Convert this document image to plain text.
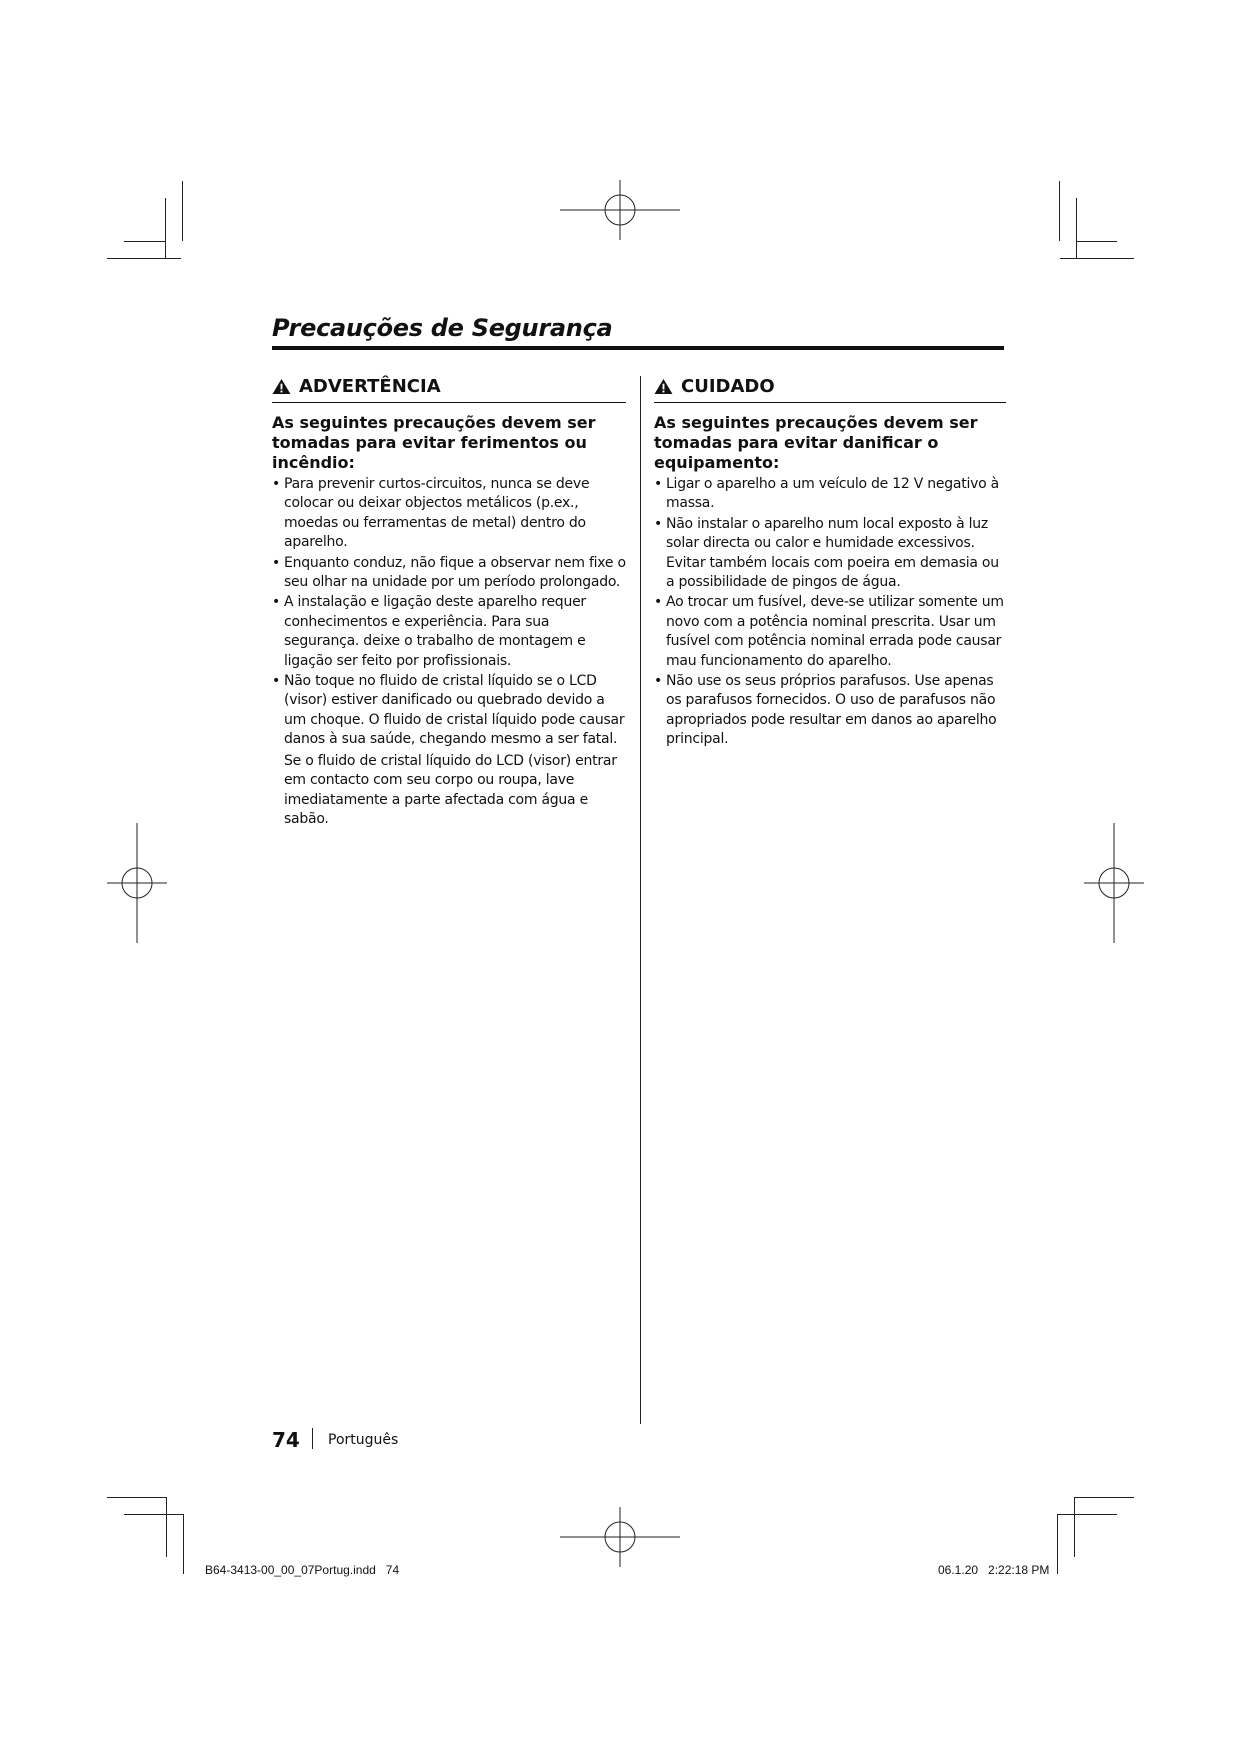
Precauções de Segurança
ADVERTÊNCIA
As seguintes precauções devem ser tomadas para evitar ferimentos ou incêndio:
• Para prevenir curtos-circuitos, nunca se deve colocar ou deixar objectos metálicos (p.ex., moedas ou ferramentas de metal) dentro do aparelho.
• Enquanto conduz, não fique a observar nem fixe o seu olhar na unidade por um período prolongado.
• A instalação e ligação deste aparelho requer conhecimentos e experiência. Para sua segurança. deixe o trabalho de montagem e ligação ser feito por profissionais.
• Não toque no fluido de cristal líquido se o LCD (visor) estiver danificado ou quebrado devido a um choque. O fluido de cristal líquido pode causar danos à sua saúde, chegando mesmo a ser fatal.
Se o fluido de cristal líquido do LCD (visor) entrar em contacto com seu corpo ou roupa, lave imediatamente a parte afectada com água e sabão.
CUIDADO
As seguintes precauções devem ser tomadas para evitar danificar o equipamento:
• Ligar o aparelho a um veículo de 12 V negativo à massa.
• Não instalar o aparelho num local exposto à luz solar directa ou calor e humidade excessivos. Evitar também locais com poeira em demasia ou a possibilidade de pingos de água.
• Ao trocar um fusível, deve-se utilizar somente um novo com a potência nominal prescrita. Usar um fusível com potência nominal errada pode causar mau funcionamento do aparelho.
• Não use os seus próprios parafusos. Use apenas os parafusos fornecidos. O uso de parafusos não apropriados pode resultar em danos ao aparelho principal.
74 Português
B64-3413-00_00_07Portug.indd   74	06.1.20   2:22:18 PM
